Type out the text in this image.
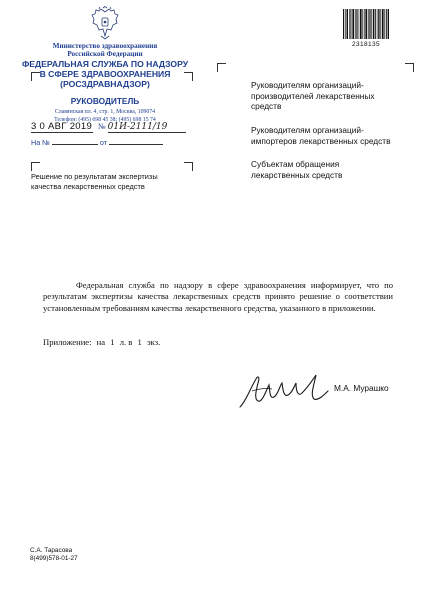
Министерство здравоохранения
Российской Федерации
ФЕДЕРАЛЬНАЯ СЛУЖБА ПО НАДЗОРУ
В СФЕРЕ ЗДРАВООХРАНЕНИЯ
(РОСЗДРАВНАДЗОР)
РУКОВОДИТЕЛЬ
Славянская пл. 4, стр. 1, Москва, 109074
Телефон: (495) 698 45 38; (495) 698 15 74
3 0 АВГ 2019 № 01И-2111/19
На №	от
2318135
Руководителям организаций-
производителей лекарственных
средств
Руководителям организаций-
импортеров лекарственных средств
Субъектам обращения
лекарственных средств
Решение по результатам экспертизы
качества лекарственных средств
Федеральная служба по надзору в сфере здравоохранения информирует, что по результатам экспертизы качества лекарственных средств принято решение о соответствии установленным требованиям качества лекарственного средства, указанного в приложении.
Приложение: на 1 л. в 1 экз.
М.А. Мурашко
С.А. Тарасова
8(499)578-01-27
